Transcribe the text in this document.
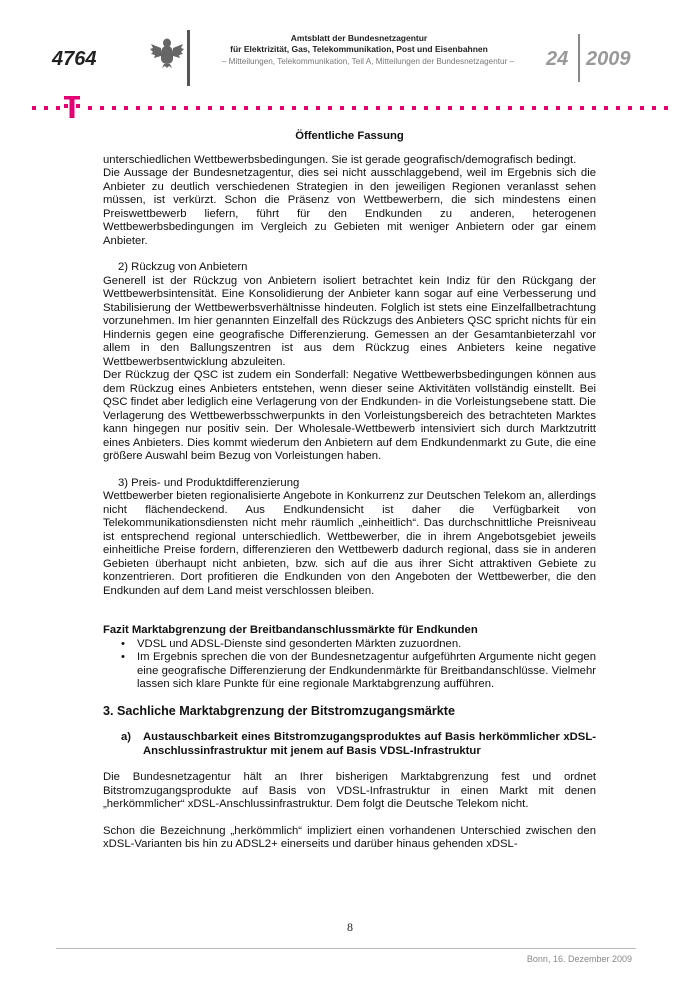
4764
Amtsblatt der Bundesnetzagentur
für Elektrizität, Gas, Telekommunikation, Post und Eisenbahnen
– Mitteilungen, Telekommunikation, Teil A, Mitteilungen der Bundesnetzagentur –	24 2009

Öffentliche Fassung

unterschiedlichen Wettbewerbsbedingungen. Sie ist gerade geografisch/demografisch bedingt.

Die Aussage der Bundesnetzagentur, dies sei nicht ausschlaggebend, weil im Ergebnis sich die Anbieter zu deutlich verschiedenen Strategien in den jeweiligen Regionen veranlasst sehen müssen, ist verkürzt. Schon die Präsenz von Wettbewerbern, die sich mindestens einen Preiswettbewerb liefern, führt für den Endkunden zu anderen, heterogenen Wettbewerbsbedingungen im Vergleich zu Gebieten mit weniger Anbietern oder gar einem Anbieter.

2) Rückzug von Anbietern

Generell ist der Rückzug von Anbietern isoliert betrachtet kein Indiz für den Rückgang der Wettbewerbsintensität. Eine Konsolidierung der Anbieter kann sogar auf eine Verbesserung und Stabilisierung der Wettbewerbsverhältnisse hindeuten. Folglich ist stets eine Einzelfallbetrachtung vorzunehmen. Im hier genannten Einzelfall des Rückzugs des Anbieters QSC spricht nichts für ein Hindernis gegen eine geografische Differenzierung. Gemessen an der Gesamtanbieterzahl vor allem in den Ballungszentren ist aus dem Rückzug eines Anbieters keine negative Wettbewerbsentwicklung abzuleiten.

Der Rückzug der QSC ist zudem ein Sonderfall: Negative Wettbewerbsbedingungen können aus dem Rückzug eines Anbieters entstehen, wenn dieser seine Aktivitäten vollständig einstellt. Bei QSC findet aber lediglich eine Verlagerung von der Endkunden- in die Vorleistungsebene statt. Die Verlagerung des Wettbewerbsschwerpunkts in den Vorleistungsbereich des betrachteten Marktes kann hingegen nur positiv sein. Der Wholesale-Wettbewerb intensiviert sich durch Marktzutritt eines Anbieters. Dies kommt wiederum den Anbietern auf dem Endkundenmarkt zu Gute, die eine größere Auswahl beim Bezug von Vorleistungen haben.

3) Preis- und Produktdifferenzierung

Wettbewerber bieten regionalisierte Angebote in Konkurrenz zur Deutschen Telekom an, allerdings nicht flächendeckend. Aus Endkundensicht ist daher die Verfügbarkeit von Telekommunikationsdiensten nicht mehr räumlich „einheitlich“. Das durchschnittliche Preisniveau ist entsprechend regional unterschiedlich. Wettbewerber, die in ihrem Angebotsgebiet jeweils einheitliche Preise fordern, differenzieren den Wettbewerb dadurch regional, dass sie in anderen Gebieten überhaupt nicht anbieten, bzw. sich auf die aus ihrer Sicht attraktiven Gebiete zu konzentrieren. Dort profitieren die Endkunden von den Angeboten der Wettbewerber, die den Endkunden auf dem Land meist verschlossen bleiben.

Fazit Marktabgrenzung der Breitbandanschlussmärkte für Endkunden

• VDSL und ADSL-Dienste sind gesonderten Märkten zuzuordnen.
• Im Ergebnis sprechen die von der Bundesnetzagentur aufgeführten Argumente nicht gegen eine geografische Differenzierung der Endkundenmärkte für Breitbandanschlüsse. Vielmehr lassen sich klare Punkte für eine regionale Marktabgrenzung aufführen.

3. Sachliche Marktabgrenzung der Bitstromzugangsmärkte

a)	Austauschbarkeit eines Bitstromzugangsproduktes auf Basis herkömmlicher xDSL-Anschlussinfrastruktur mit jenem auf Basis VDSL-Infrastruktur

Die Bundesnetzagentur hält an Ihrer bisherigen Marktabgrenzung fest und ordnet Bitstromzugangsprodukte auf Basis von VDSL-Infrastruktur in einen Markt mit denen „herkömmlicher“ xDSL-Anschlussinfrastruktur. Dem folgt die Deutsche Telekom nicht.

Schon die Bezeichnung „herkömmlich“ impliziert einen vorhandenen Unterschied zwischen den xDSL-Varianten bis hin zu ADSL2+ einerseits und darüber hinaus gehenden xDSL-

8
Bonn, 16. Dezember 2009
